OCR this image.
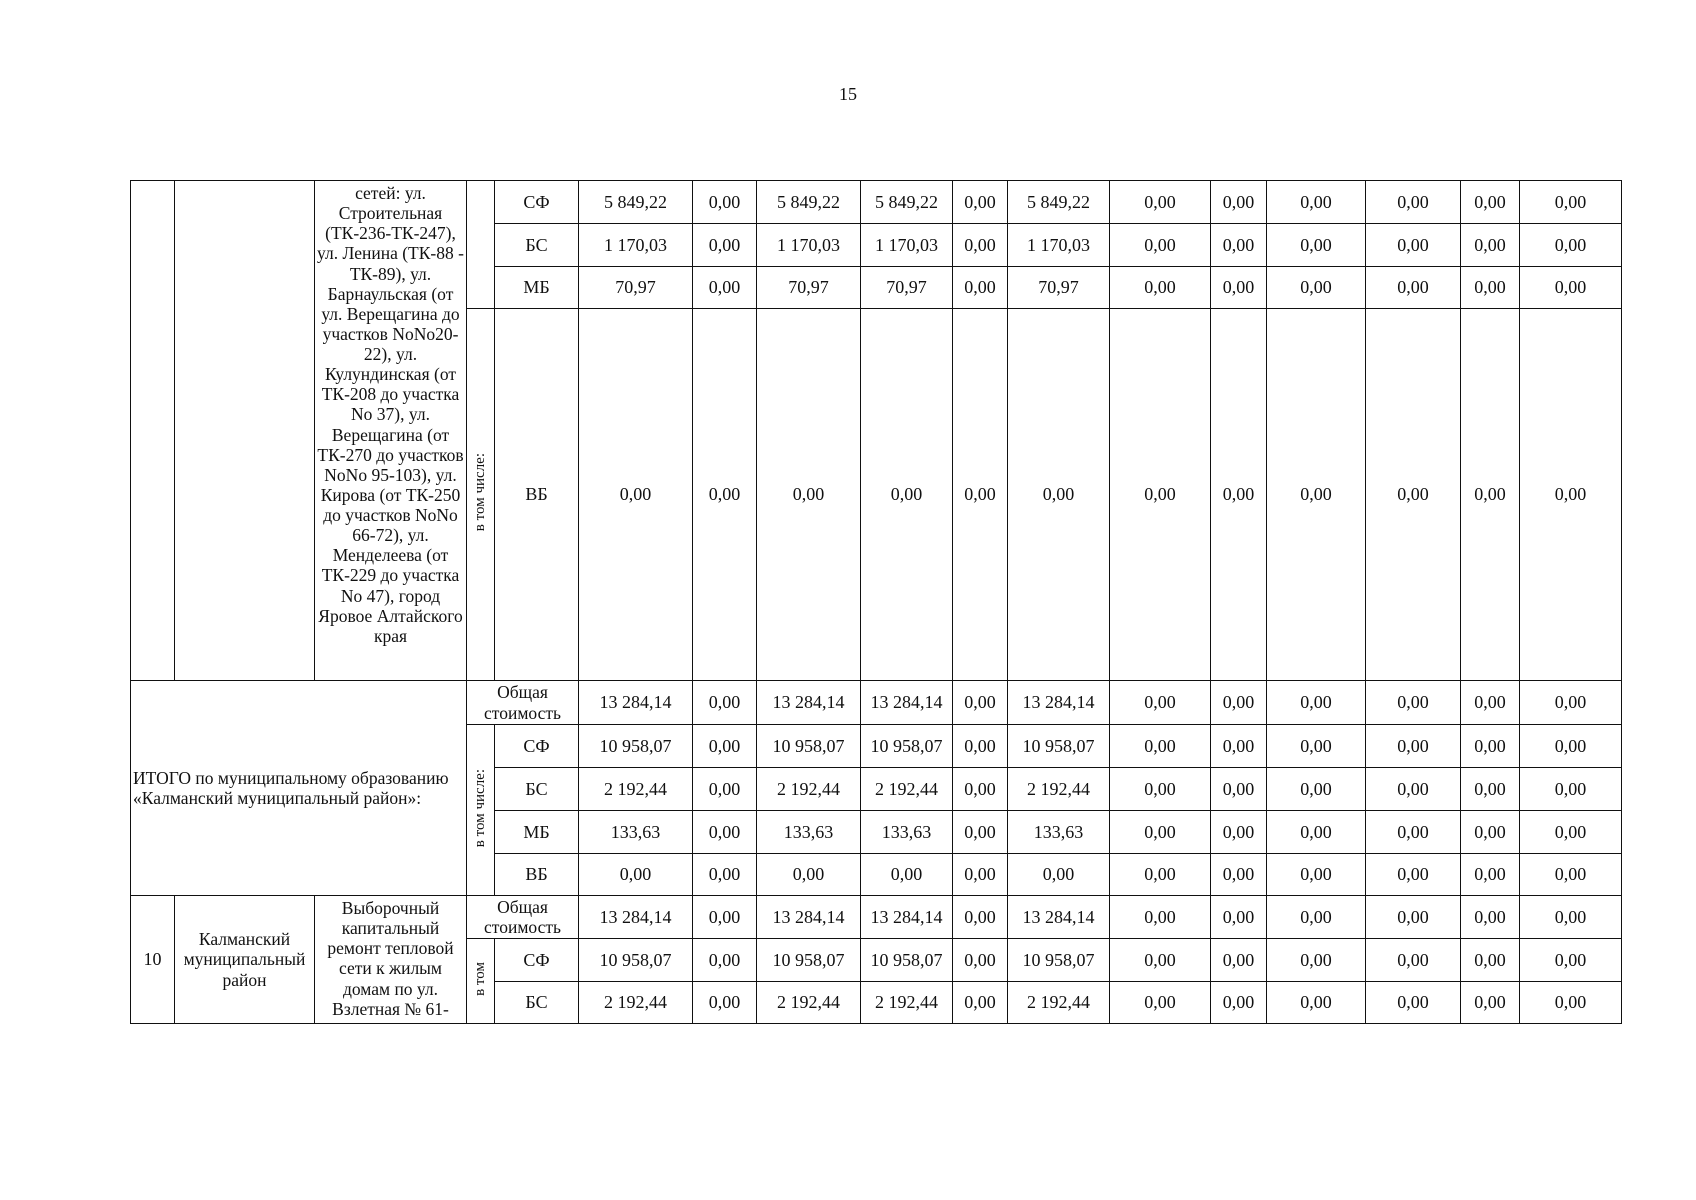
15
		сетей: ул. Строительная (ТК-236-ТК-247), ул. Ленина (ТК-88 - ТК-89), ул. Барнаульская (от ул. Верещагина до участков NoNo20-22), ул. Кулундинская (от ТК-208 до участка No 37), ул. Верещагина (от ТК-270 до участков NoNo 95-103), ул. Кирова (от ТК-250 до участков NoNo 66-72), ул. Менделеева (от ТК-229 до участка No 47), город Яровое Алтайского края		СФ	5 849,22	0,00	5 849,22	5 849,22	0,00	5 849,22	0,00	0,00	0,00	0,00	0,00	0,00
				БС	1 170,03	0,00	1 170,03	1 170,03	0,00	1 170,03	0,00	0,00	0,00	0,00	0,00	0,00
				МБ	70,97	0,00	70,97	70,97	0,00	70,97	0,00	0,00	0,00	0,00	0,00	0,00
			в том числе:	ВБ	0,00	0,00	0,00	0,00	0,00	0,00	0,00	0,00	0,00	0,00	0,00	0,00
ИТОГО по муниципальному образованию «Калманский муниципальный район»:			Общая стоимость		13 284,14	0,00	13 284,14	13 284,14	0,00	13 284,14	0,00	0,00	0,00	0,00	0,00	0,00
			в том числе:	СФ	10 958,07	0,00	10 958,07	10 958,07	0,00	10 958,07	0,00	0,00	0,00	0,00	0,00	0,00
				БС	2 192,44	0,00	2 192,44	2 192,44	0,00	2 192,44	0,00	0,00	0,00	0,00	0,00	0,00
				МБ	133,63	0,00	133,63	133,63	0,00	133,63	0,00	0,00	0,00	0,00	0,00	0,00
				ВБ	0,00	0,00	0,00	0,00	0,00	0,00	0,00	0,00	0,00	0,00	0,00	0,00
10	Калманский муниципальный район	Выборочный капитальный ремонт тепловой сети к жилым домам по ул. Взлетная № 61-	Общая стоимость		13 284,14	0,00	13 284,14	13 284,14	0,00	13 284,14	0,00	0,00	0,00	0,00	0,00	0,00
			в том	СФ	10 958,07	0,00	10 958,07	10 958,07	0,00	10 958,07	0,00	0,00	0,00	0,00	0,00	0,00
				БС	2 192,44	0,00	2 192,44	2 192,44	0,00	2 192,44	0,00	0,00	0,00	0,00	0,00	0,00
